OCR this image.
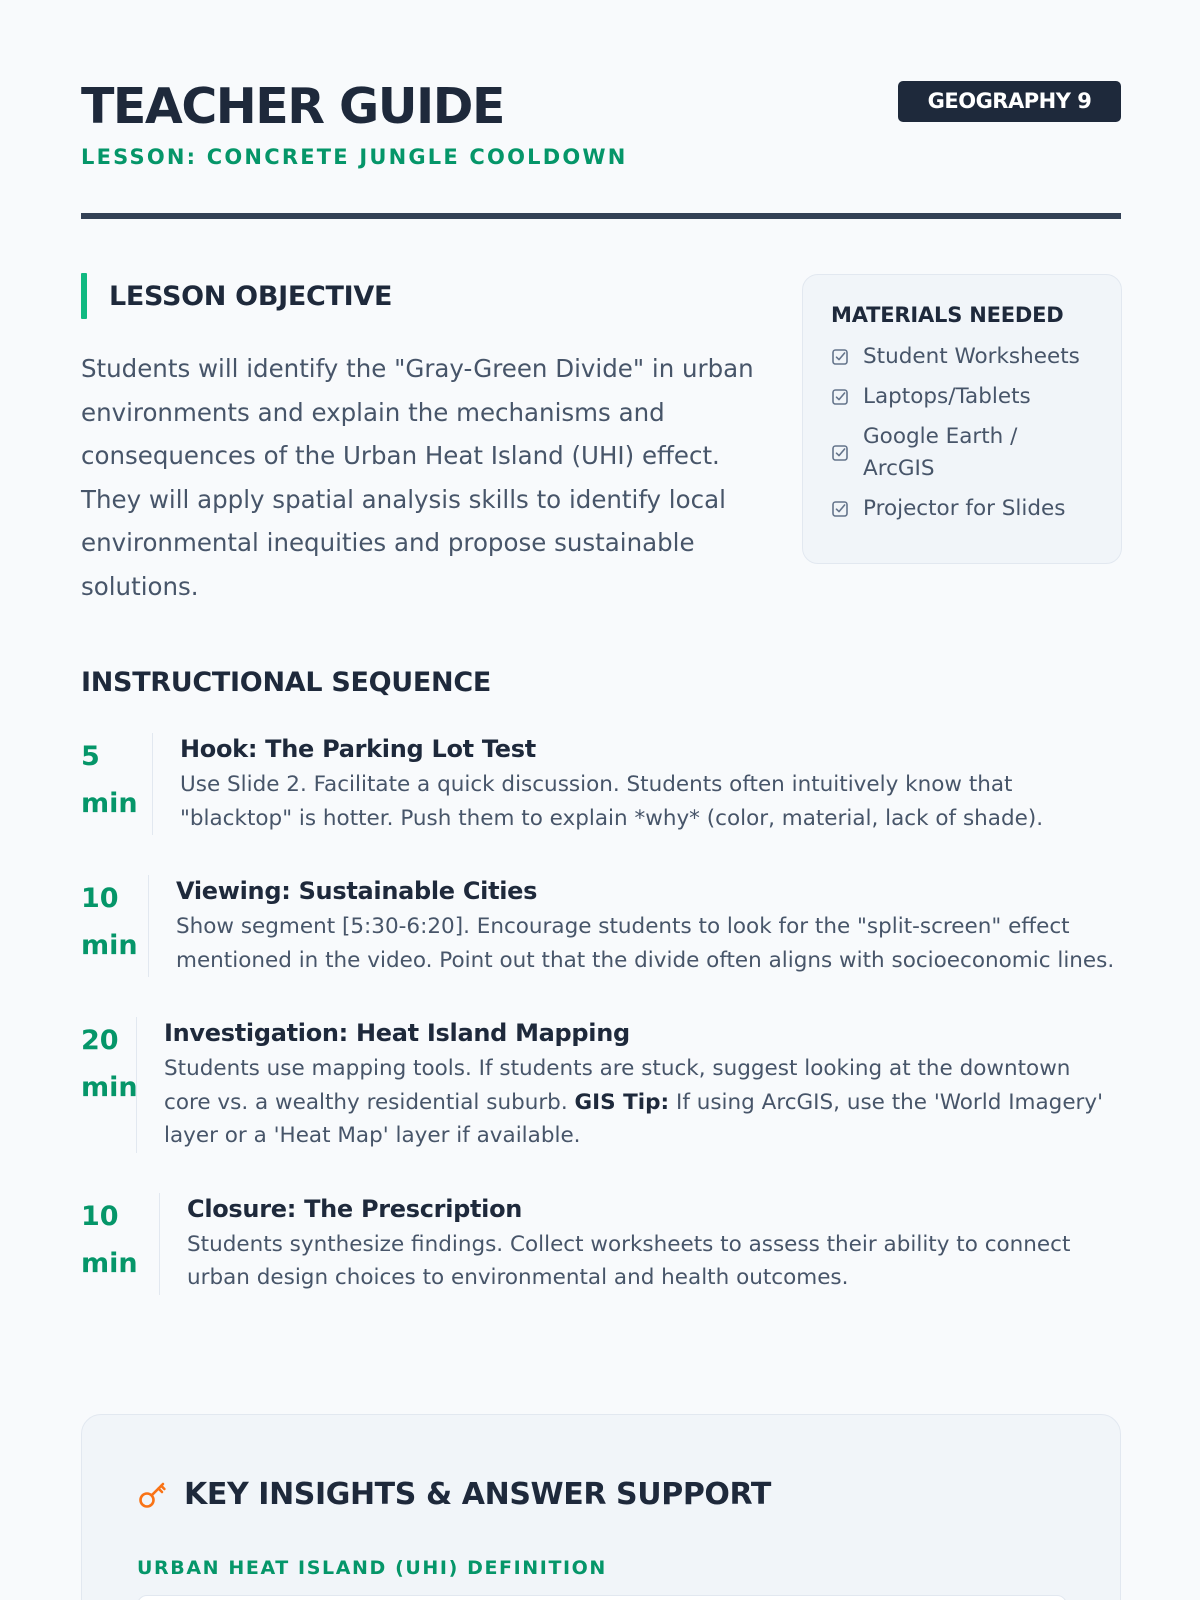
TEACHER GUIDE
LESSON: CONCRETE JUNGLE COOLDOWN
GEOGRAPHY 9
LESSON OBJECTIVE

Students will identify the "Gray-Green Divide" in urban environments and explain the mechanisms and consequences of the Urban Heat Island (UHI) effect. They will apply spatial analysis skills to identify local environmental inequities and propose sustainable solutions.

MATERIALS NEEDED
Student Worksheets
Laptops/Tablets
Google Earth / ArcGIS
Projector for Slides
INSTRUCTIONAL SEQUENCE
5
min
Hook: The Parking Lot Test
Use Slide 2. Facilitate a quick discussion. Students often intuitively know that "blacktop" is hotter. Push them to explain *why* (color, material, lack of shade).
10
min
Viewing: Sustainable Cities
Show segment [5:30-6:20]. Encourage students to look for the "split-screen" effect mentioned in the video. Point out that the divide often aligns with socioeconomic lines.
20
min
Investigation: Heat Island Mapping
Students use mapping tools. If students are stuck, suggest looking at the downtown core vs. a wealthy residential suburb. GIS Tip: If using ArcGIS, use the 'World Imagery' layer or a 'Heat Map' layer if available.
10
min
Closure: The Prescription
Students synthesize findings. Collect worksheets to assess their ability to connect urban design choices to environmental and health outcomes.
KEY INSIGHTS & ANSWER SUPPORT
URBAN HEAT ISLAND (UHI) DEFINITION
